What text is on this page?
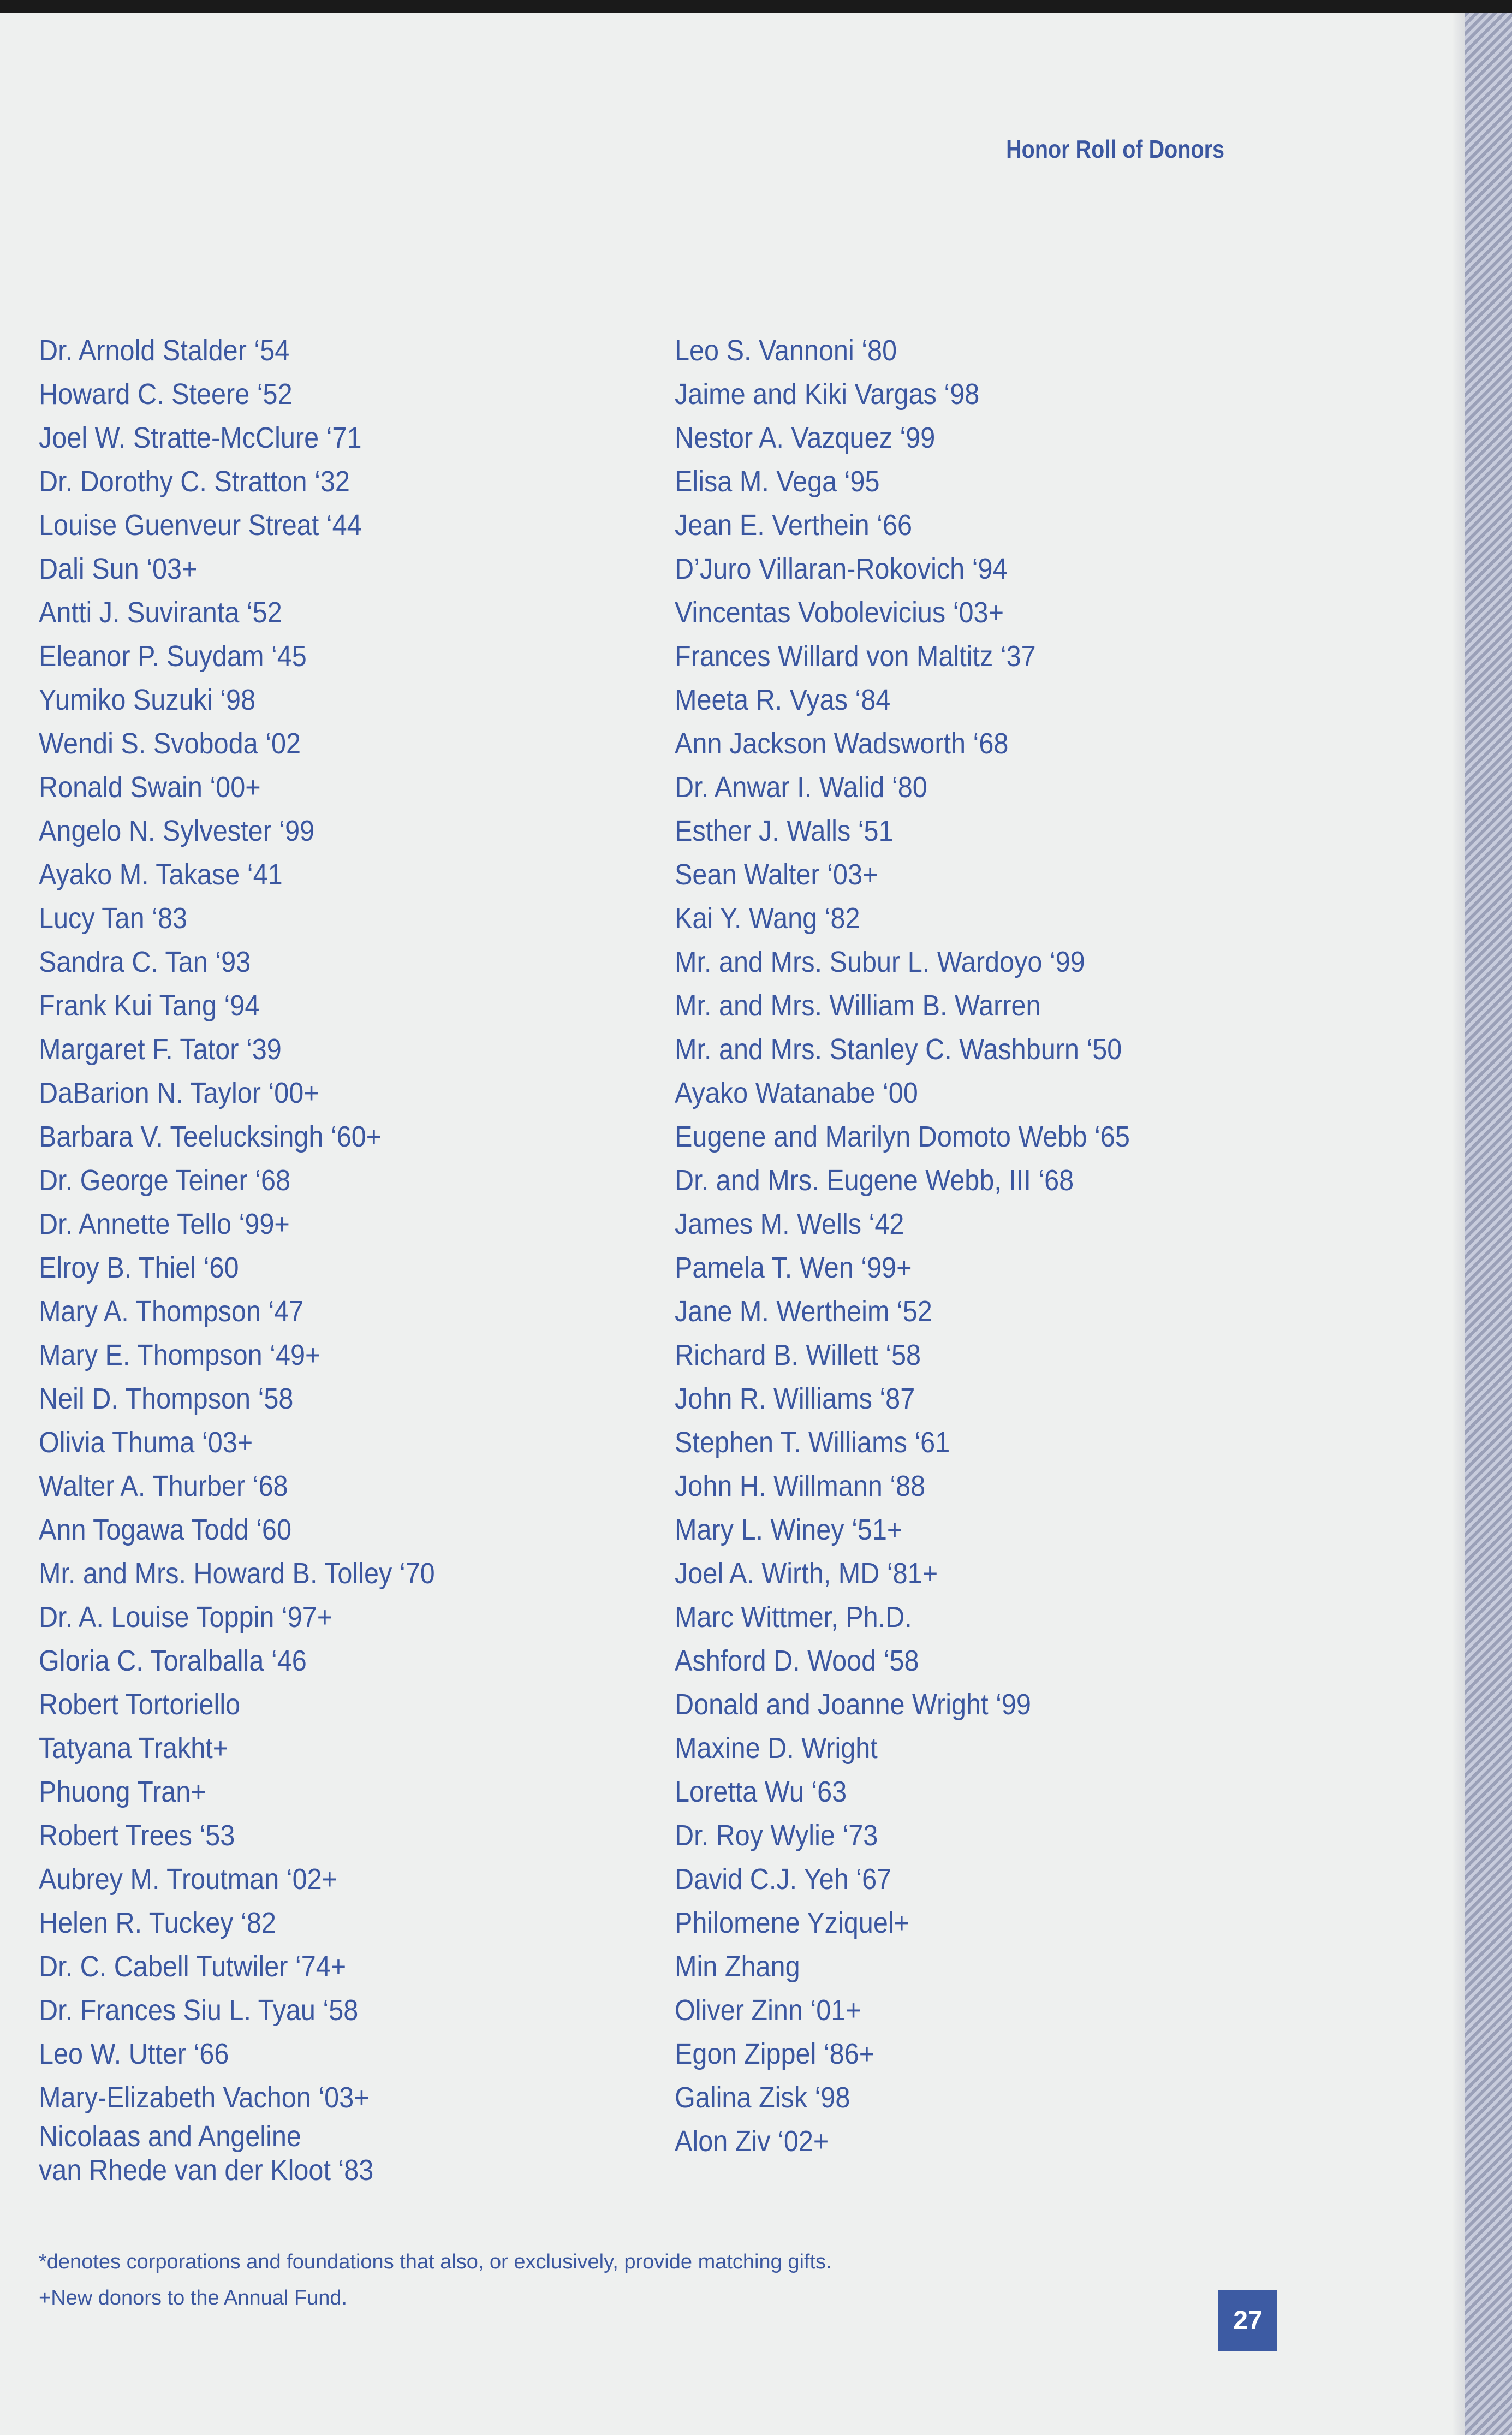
Honor Roll of Donors
Dr. Arnold Stalder ‘54
Howard C. Steere ‘52
Joel W. Stratte-McClure ‘71
Dr. Dorothy C. Stratton ‘32
Louise Guenveur Streat ‘44
Dali Sun ‘03+
Antti J. Suviranta ‘52
Eleanor P. Suydam ‘45
Yumiko Suzuki ‘98
Wendi S. Svoboda ‘02
Ronald Swain ‘00+
Angelo N. Sylvester ‘99
Ayako M. Takase ‘41
Lucy Tan ‘83
Sandra C. Tan ‘93
Frank Kui Tang ‘94
Margaret F. Tator ‘39
DaBarion N. Taylor ‘00+
Barbara V. Teelucksingh ‘60+
Dr. George Teiner ‘68
Dr. Annette Tello ‘99+
Elroy B. Thiel ‘60
Mary A. Thompson ‘47
Mary E. Thompson ‘49+
Neil D. Thompson ‘58
Olivia Thuma ‘03+
Walter A. Thurber ‘68
Ann Togawa Todd ‘60
Mr. and Mrs. Howard B. Tolley ‘70
Dr. A. Louise Toppin ‘97+
Gloria C. Toralballa ‘46
Robert Tortoriello
Tatyana Trakht+
Phuong Tran+
Robert Trees ‘53
Aubrey M. Troutman ‘02+
Helen R. Tuckey ‘82
Dr. C. Cabell Tutwiler ‘74+
Dr. Frances Siu L. Tyau ‘58
Leo W. Utter ‘66
Mary-Elizabeth Vachon ‘03+
Nicolaas and Angeline
van Rhede van der Kloot ‘83
Leo S. Vannoni ‘80
Jaime and Kiki Vargas ‘98
Nestor A. Vazquez ‘99
Elisa M. Vega ‘95
Jean E. Verthein ‘66
D’Juro Villaran-Rokovich ‘94
Vincentas Vobolevicius ‘03+
Frances Willard von Maltitz ‘37
Meeta R. Vyas ‘84
Ann Jackson Wadsworth ‘68
Dr. Anwar I. Walid ‘80
Esther J. Walls ‘51
Sean Walter ‘03+
Kai Y. Wang ‘82
Mr. and Mrs. Subur L. Wardoyo ‘99
Mr. and Mrs. William B. Warren
Mr. and Mrs. Stanley C. Washburn ‘50
Ayako Watanabe ‘00
Eugene and Marilyn Domoto Webb ‘65
Dr. and Mrs. Eugene Webb, III ‘68
James M. Wells ‘42
Pamela T. Wen ‘99+
Jane M. Wertheim ‘52
Richard B. Willett ‘58
John R. Williams ‘87
Stephen T. Williams ‘61
John H. Willmann ‘88
Mary L. Winey ‘51+
Joel A. Wirth, MD ‘81+
Marc Wittmer, Ph.D.
Ashford D. Wood ‘58
Donald and Joanne Wright ‘99
Maxine D. Wright
Loretta Wu ‘63
Dr. Roy Wylie ‘73
David C.J. Yeh ‘67
Philomene Yziquel+
Min Zhang
Oliver Zinn ‘01+
Egon Zippel ‘86+
Galina Zisk ‘98
Alon Ziv ‘02+
*denotes corporations and foundations that also, or exclusively, provide matching gifts.
+New donors to the Annual Fund.
27
